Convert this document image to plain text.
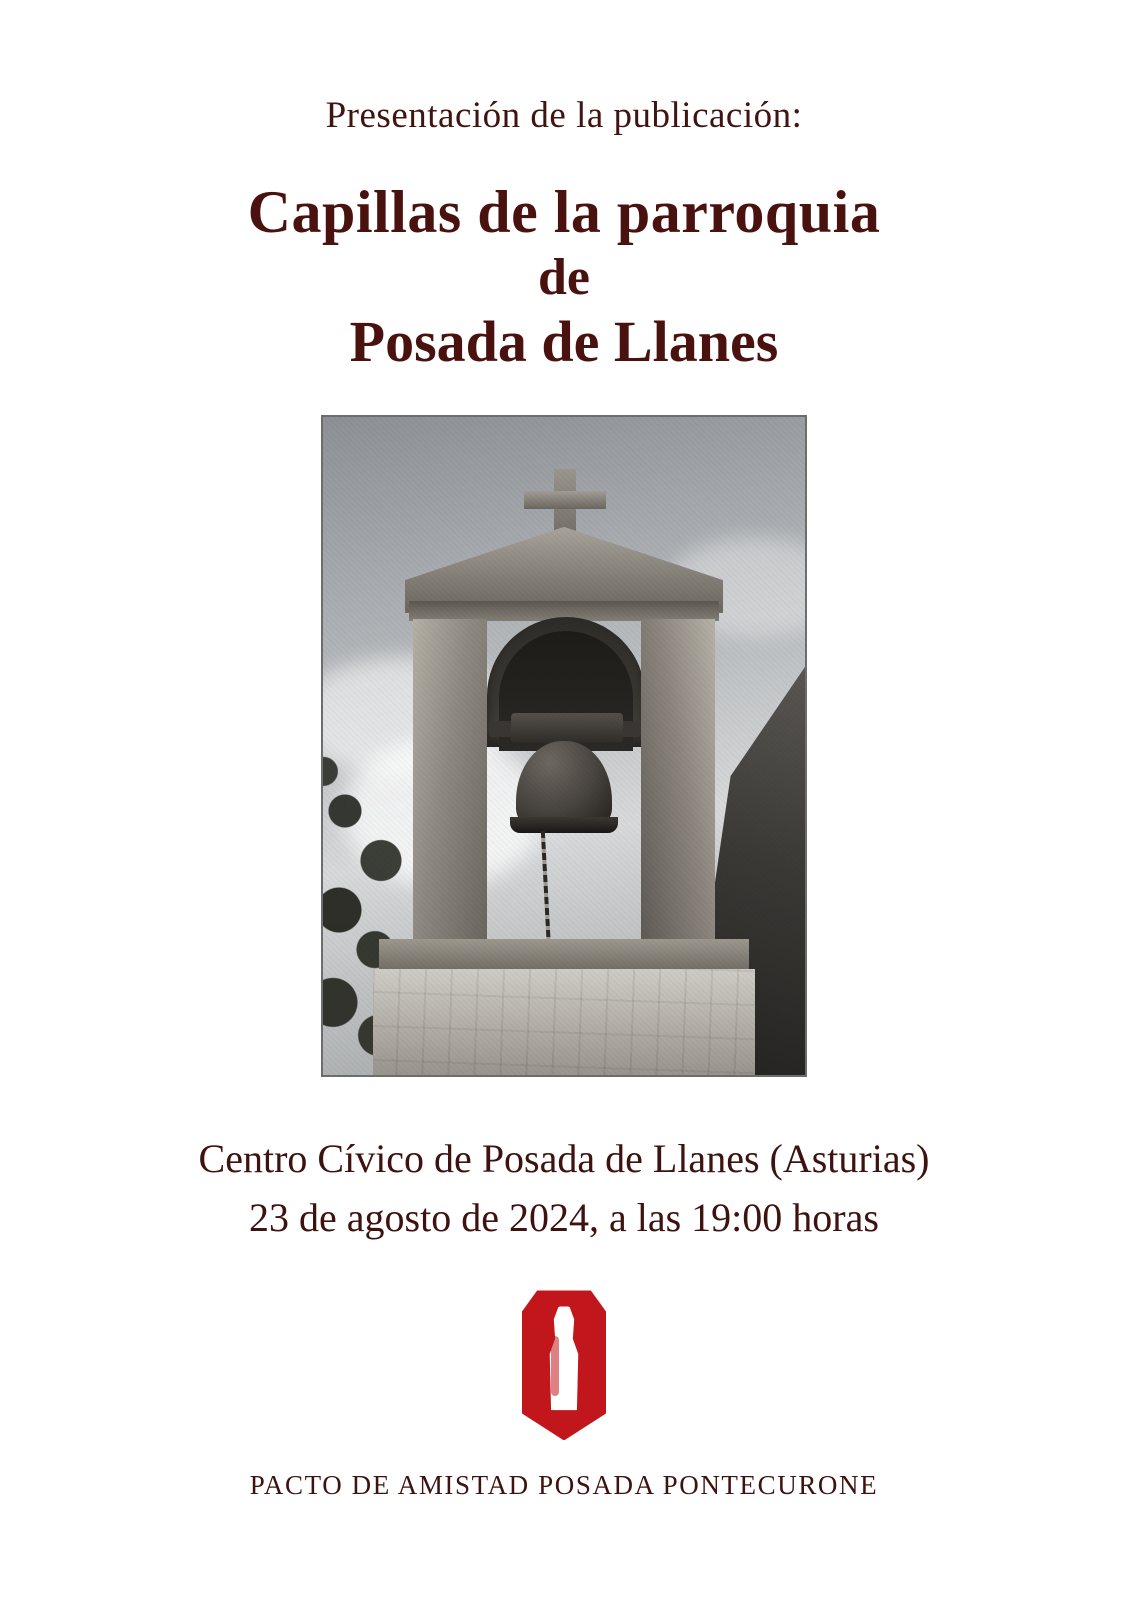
Presentación de la publicación:
Capillas de la parroquia
de
Posada de Llanes
Centro Cívico de Posada de Llanes (Asturias)
23 de agosto de 2024, a las 19:00 horas
PACTO DE AMISTAD POSADA PONTECURONE
